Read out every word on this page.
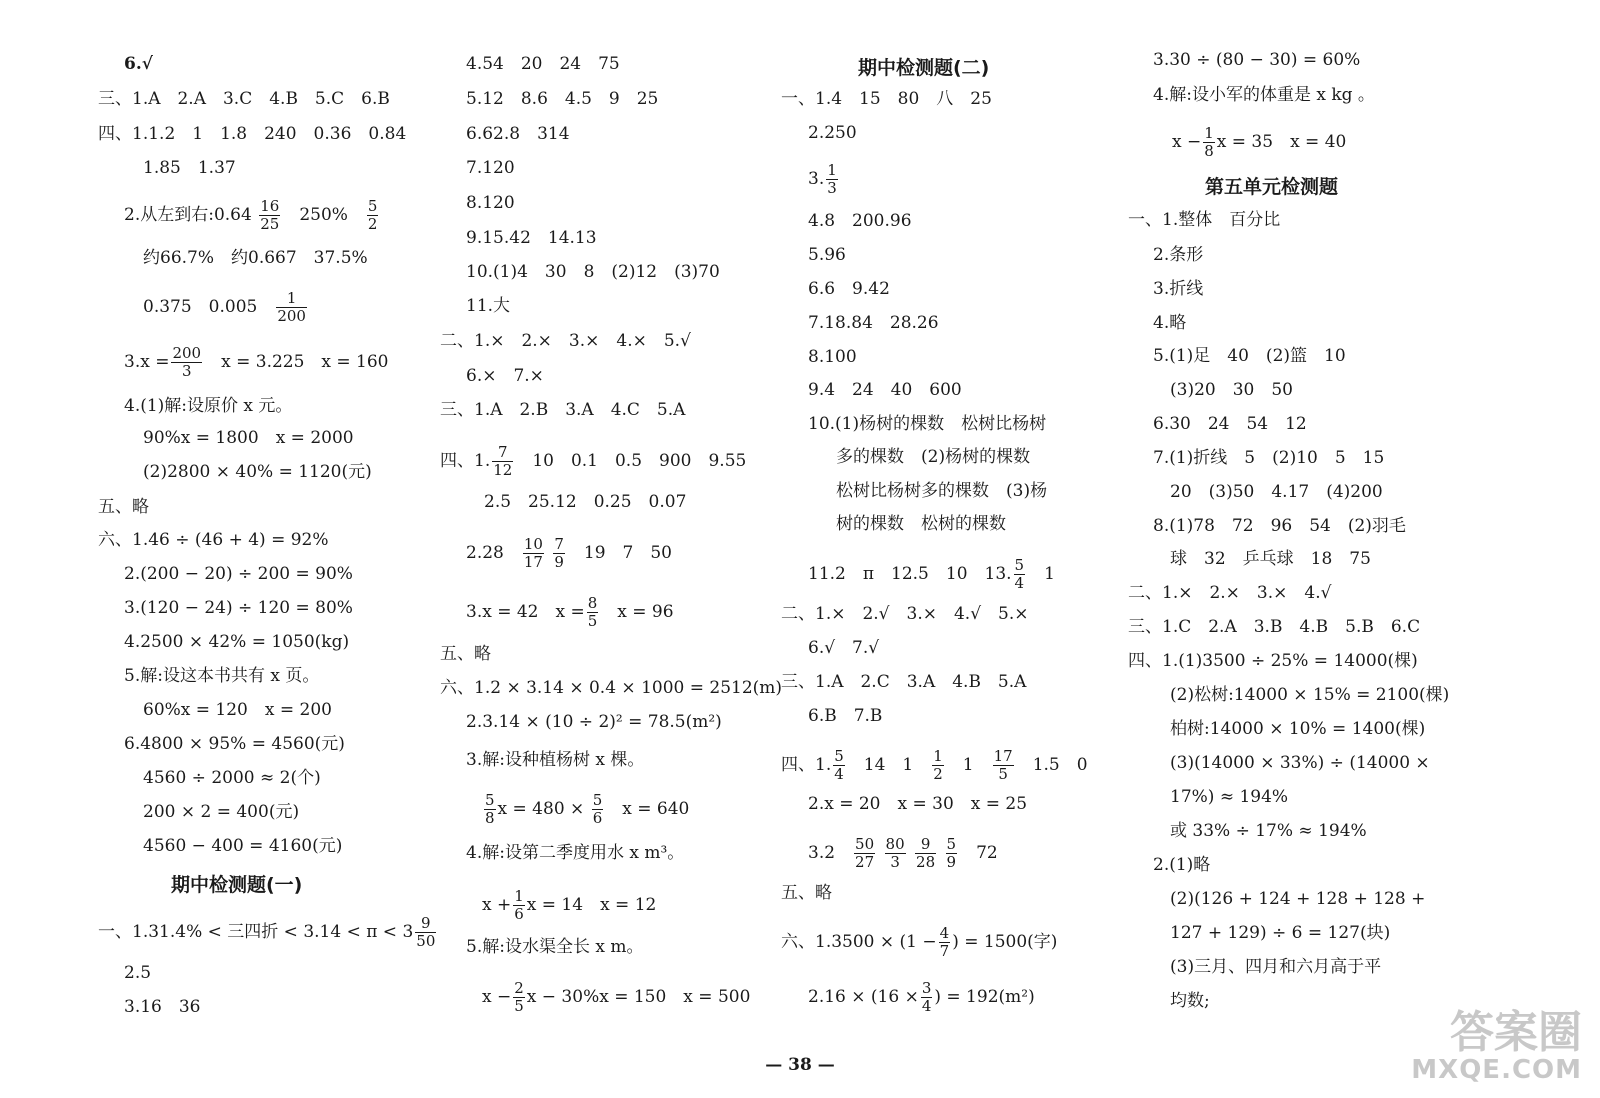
6.√
三、1.A　2.A　3.C　4.B　5.C　6.B
四、1.1.2　1　1.8　240　0.36　0.84
1.85　1.37
2.从左到右:0.64 $\frac{16}{25}$
　 250%　 $\frac{5}{2}$
约66.7%　约0.667　37.5%
0.375　0.005　 $\frac{1}{200}$
$3.x = \frac{200}{3}$
　 x = 3.225　x = 160
4.(1)解:设原价 x 元。
90%x = 1800　x = 2000
(2)2800 × 40% = 1120(元)
五、略
六、1.46 ÷ (46 + 4) = 92%
2.(200 − 20) ÷ 200 = 90%
3.(120 − 24) ÷ 120 = 80%
4.2500 × 42% = 1050(kg)
5.解:设这本书共有 x 页。
60%x = 120　x = 200
6.4800 × 95% = 4560(元)
4560 ÷ 2000 ≈ 2(个)
200 × 2 = 400(元)
4560 − 400 = 4160(元)
期中检测题(一)
一、1.31.4% < 三四折 < $3.14 < \pi < 3 \frac{9}{50}$
2.5
3.16　36
4.54　20　24　75
5.12　8.6　4.5　9　25
6.62.8　314
7.120
8.120
9.15.42　14.13
10.(1)4　30　8　(2)12　(3)70
11.大
二、1.×　2.×　3.×　4.×　5.√
6.×　7.×
三、1.A　2.B　3.A　4.C　5.A
四、1. $\frac{7}{12}$
　 10　0.1　0.5　900　9.55
2.5　25.12　0.25　0.07
2.28　 $\frac{10}{17}$
$\frac{7}{9}$
　 19　7　50
3.x = 42　$x = \frac{8}{5}$
　 x = 96
五、略
六、1.2 × 3.14 × 0.4 × 1000 = 2512(m)
2.3.14 × (10 ÷ 2)² = 78.5(m²)
3.解:设种植杨树 x 棵。
$\frac{5}{8}$ $x = 480 \times \frac{5}{6}$
　 x = 640
4.解:设第二季度用水 x m³。
$x + \frac{1}{6}$ x = 14　x = 12
5.解:设水渠全长 x m。
$x - \frac{2}{5}$ x − 30%x = 150　x = 500
期中检测题(二)
一、1.4　15　80　八　25
2.250
3. $\frac{1}{3}$
4.8　200.96
5.96
6.6　9.42
7.18.84　28.26
8.100
9.4　24　40　600
10.(1)杨树的棵数　松树比杨树
多的棵数　(2)杨树的棵数
松树比杨树多的棵数　(3)杨
树的棵数　松树的棵数
11.2　π　12.5　10　13. $\frac{5}{4}$
　 1
二、1.×　2.√　3.×　4.√　5.×
6.√　7.√
三、1.A　2.C　3.A　4.B　5.A
6.B　7.B
四、1. $\frac{5}{4}$
　 14　1　 $\frac{1}{2}$
　 1　 $\frac{17}{5}$
　 1.5　0
2.x = 20　x = 30　x = 25
3.2　 $\frac{50}{27}$
$\frac{80}{3}$
$\frac{9}{28}$
$\frac{5}{9}$
　 72
五、略
六、$1.3500 \times (1 - \frac{4}{7}$ ) = 1500(字)
$2.16 \times (16 \times \frac{3}{4}$ ) = 192(m²)
3.30 ÷ (80 − 30) = 60%
4.解:设小军的体重是 x kg 。
$x - \frac{1}{8}$ x = 35　x = 40
第五单元检测题
一、1.整体　百分比
2.条形
3.折线
4.略
5.(1)足　40　(2)篮　10
(3)20　30　50
6.30　24　54　12
7.(1)折线　5　(2)10　5　15
20　(3)50　4.17　(4)200
8.(1)78　72　96　54　(2)羽毛
球　32　乒乓球　18　75
二、1.×　2.×　3.×　4.√
三、1.C　2.A　3.B　4.B　5.B　6.C
四、1.(1)3500 ÷ 25% = 14000(棵)
(2)松树:14000 × 15% = 2100(棵)
柏树:14000 × 10% = 1400(棵)
(3)(14000 × 33%) ÷ (14000 ×
17%) ≈ 194%
或 33% ÷ 17% ≈ 194%
2.(1)略
(2)(126 + 124 + 128 + 128 +
127 + 129) ÷ 6 = 127(块)
(3)三月、四月和六月高于平
均数;
— 38 —
答案圈
MXQE.COM
